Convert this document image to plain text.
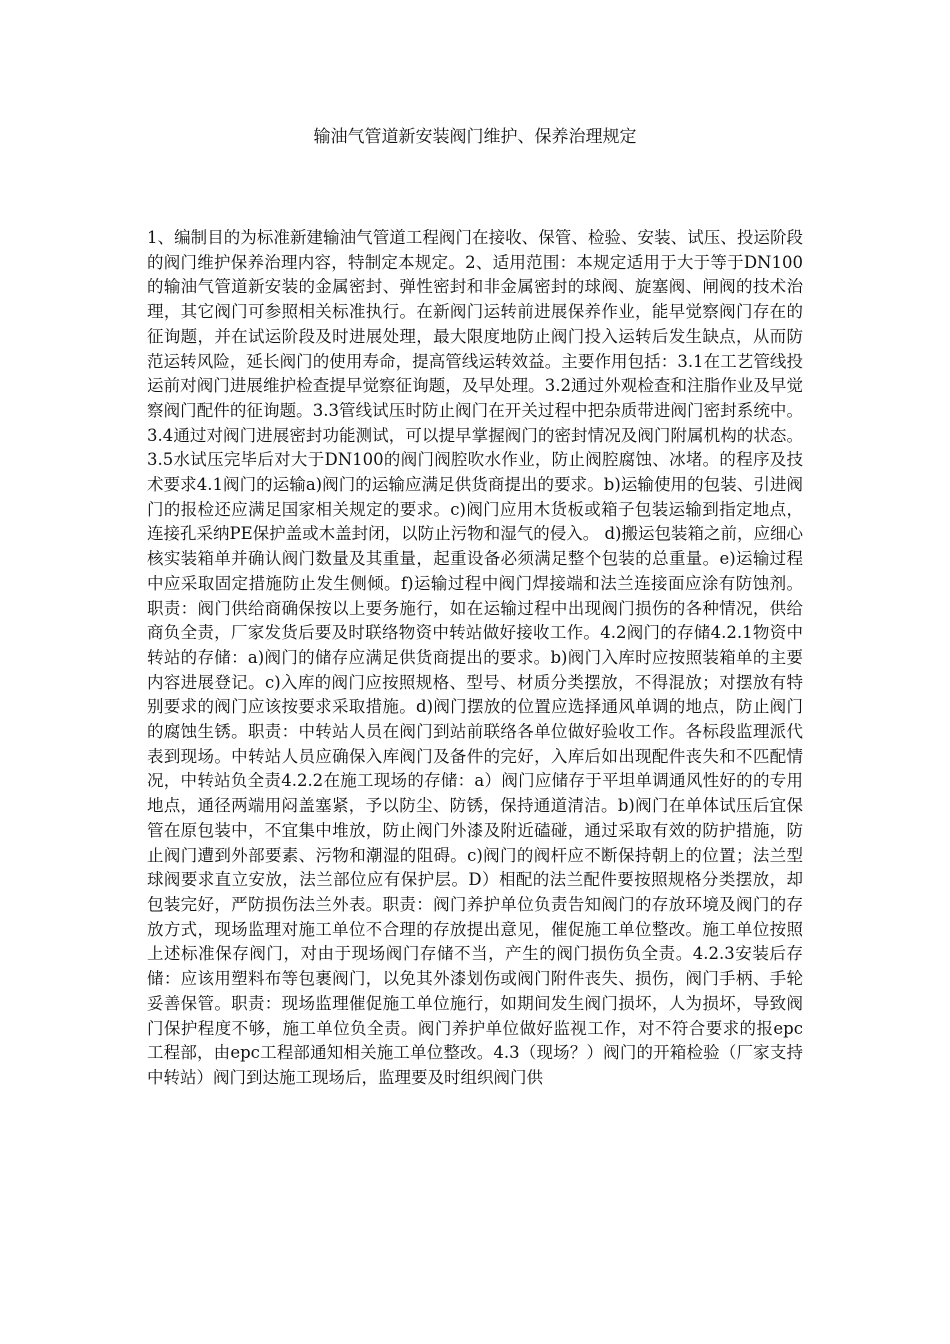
输油气管道新安装阀门维护、保养治理规定

1、编制目的为标准新建输油气管道工程阀门在接收、保管、检验、安装、试压、投运阶段的阀门维护保养治理内容，特制定本规定。2、适用范围：本规定适用于大于等于DN100的输油气管道新安装的金属密封、弹性密封和非金属密封的球阀、旋塞阀、闸阀的技术治理，其它阀门可参照相关标准执行。在新阀门运转前进展保养作业，能早觉察阀门存在的征询题，并在试运阶段及时进展处理，最大限度地防止阀门投入运转后发生缺点，从而防范运转风险，延长阀门的使用寿命，提高管线运转效益。主要作用包括：3.1在工艺管线投运前对阀门进展维护检查提早觉察征询题，及早处理。3.2通过外观检查和注脂作业及早觉察阀门配件的征询题。3.3管线试压时防止阀门在开关过程中把杂质带进阀门密封系统中。3.4通过对阀门进展密封功能测试，可以提早掌握阀门的密封情况及阀门附属机构的状态。3.5水试压完毕后对大于DN100的阀门阀腔吹水作业，防止阀腔腐蚀、冰堵。的程序及技术要求4.1阀门的运输a)阀门的运输应满足供货商提出的要求。b)运输使用的包装、引进阀门的报检还应满足国家相关规定的要求。c)阀门应用木货板或箱子包装运输到指定地点，连接孔采纳PE保护盖或木盖封闭，以防止污物和湿气的侵入。 d)搬运包装箱之前，应细心核实装箱单并确认阀门数量及其重量，起重设备必须满足整个包装的总重量。e)运输过程中应采取固定措施防止发生侧倾。f)运输过程中阀门焊接端和法兰连接面应涂有防蚀剂。职责：阀门供给商确保按以上要务施行，如在运输过程中出现阀门损伤的各种情况，供给商负全责，厂家发货后要及时联络物资中转站做好接收工作。4.2阀门的存储4.2.1物资中转站的存储：a)阀门的储存应满足供货商提出的要求。b)阀门入库时应按照装箱单的主要内容进展登记。c)入库的阀门应按照规格、型号、材质分类摆放，不得混放；对摆放有特别要求的阀门应该按要求采取措施。d)阀门摆放的位置应选择通风单调的地点，防止阀门的腐蚀生锈。职责：中转站人员在阀门到站前联络各单位做好验收工作。各标段监理派代表到现场。中转站人员应确保入库阀门及备件的完好，入库后如出现配件丧失和不匹配情况，中转站负全责4.2.2在施工现场的存储：a）阀门应储存于平坦单调通风性好的的专用地点，通径两端用闷盖塞紧，予以防尘、防锈，保持通道清洁。b)阀门在单体试压后宜保管在原包装中，不宜集中堆放，防止阀门外漆及附近磕碰，通过采取有效的防护措施，防止阀门遭到外部要素、污物和潮湿的阻碍。c)阀门的阀杆应不断保持朝上的位置；法兰型球阀要求直立安放，法兰部位应有保护层。D）相配的法兰配件要按照规格分类摆放，却包装完好，严防损伤法兰外表。职责：阀门养护单位负责告知阀门的存放环境及阀门的存放方式，现场监理对施工单位不合理的存放提出意见，催促施工单位整改。施工单位按照上述标准保存阀门，对由于现场阀门存储不当，产生的阀门损伤负全责。4.2.3安装后存储：应该用塑料布等包裹阀门，以免其外漆划伤或阀门附件丧失、损伤，阀门手柄、手轮妥善保管。职责：现场监理催促施工单位施行，如期间发生阀门损坏，人为损坏，导致阀门保护程度不够，施工单位负全责。阀门养护单位做好监视工作，对不符合要求的报epc工程部，由epc工程部通知相关施工单位整改。4.3（现场？）阀门的开箱检验（厂家支持中转站）阀门到达施工现场后，监理要及时组织阀门供
